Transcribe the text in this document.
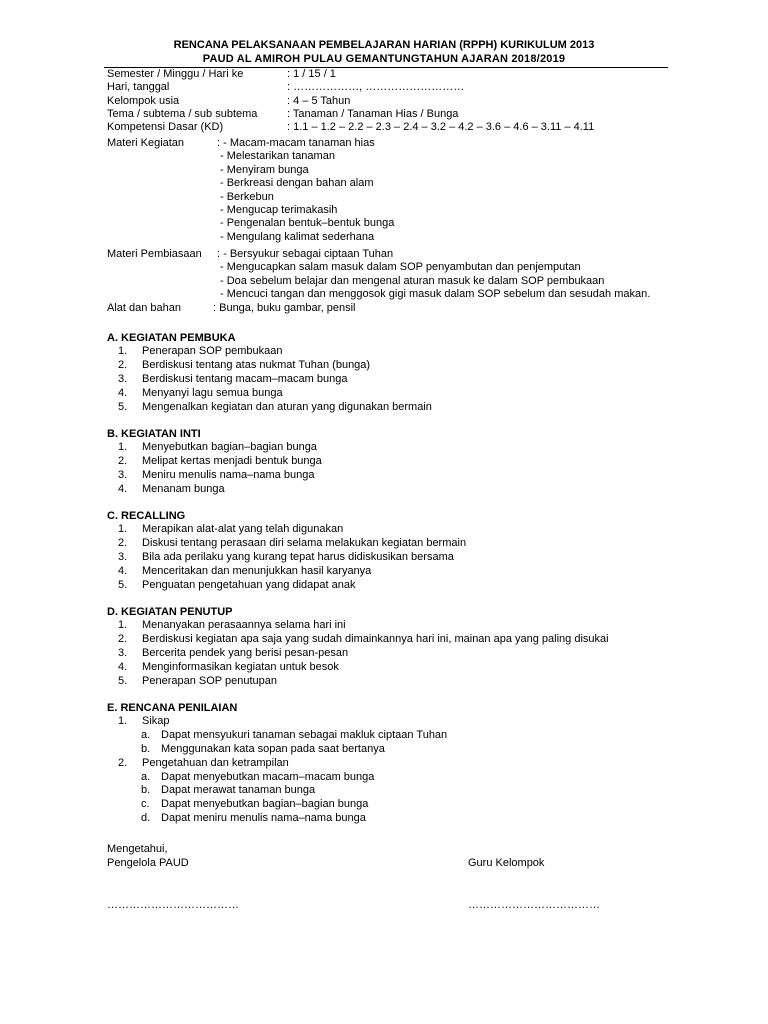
RENCANA PELAKSANAAN PEMBELAJARAN HARIAN (RPPH) KURIKULUM 2013
PAUD AL AMIROH PULAU GEMANTUNGTAHUN AJARAN 2018/2019
Semester / Minggu / Hari ke	: 1 / 15 / 1
Hari, tanggal	: ………………, ………………………
Kelompok usia	: 4 – 5 Tahun
Tema / subtema / sub subtema	: Tanaman / Tanaman Hias / Bunga
Kompetensi Dasar (KD)	: 1.1 – 1.2 – 2.2 – 2.3 – 2.4 – 3.2 – 4.2 – 3.6 – 4.6 – 3.11 – 4.11
Materi Kegiatan	: - Macam-macam tanaman hias
- Melestarikan tanaman
- Menyiram bunga
- Berkreasi dengan bahan alam
- Berkebun
- Mengucap terimakasih
- Pengenalan bentuk–bentuk bunga
- Mengulang kalimat sederhana
Materi Pembiasaan : - Bersyukur sebagai ciptaan Tuhan
- Mengucapkan salam masuk dalam SOP penyambutan dan penjemputan
- Doa sebelum belajar dan mengenal aturan masuk ke dalam SOP pembukaan
- Mencuci tangan dan menggosok gigi masuk dalam SOP sebelum dan sesudah makan.
Alat dan bahan	: Bunga, buku gambar, pensil
A. KEGIATAN PEMBUKA
1. Penerapan SOP pembukaan
2. Berdiskusi tentang atas nukmat Tuhan (bunga)
3. Berdiskusi tentang macam–macam bunga
4. Menyanyi lagu semua bunga
5. Mengenalkan kegiatan dan aturan yang digunakan bermain
B. KEGIATAN INTI
1. Menyebutkan bagian–bagian bunga
2. Melipat kertas menjadi bentuk bunga
3. Meniru menulis nama–nama bunga
4. Menanam bunga
C. RECALLING
1. Merapikan alat-alat yang telah digunakan
2. Diskusi tentang perasaan diri selama melakukan kegiatan bermain
3. Bila ada perilaku yang kurang tepat harus didiskusikan bersama
4. Menceritakan dan menunjukkan hasil karyanya
5. Penguatan pengetahuan yang didapat anak
D. KEGIATAN PENUTUP
1. Menanyakan perasaannya selama hari ini
2. Berdiskusi kegiatan apa saja yang sudah dimainkannya hari ini, mainan apa yang paling disukai
3. Bercerita pendek yang berisi pesan-pesan
4. Menginformasikan kegiatan untuk besok
5. Penerapan SOP penutupan
E. RENCANA PENILAIAN
1. Sikap
a. Dapat mensyukuri tanaman sebagai makluk ciptaan Tuhan
b. Menggunakan kata sopan pada saat bertanya
2. Pengetahuan dan ketrampilan
a. Dapat menyebutkan macam–macam bunga
b. Dapat merawat tanaman bunga
c. Dapat menyebutkan bagian–bagian bunga
d. Dapat meniru menulis nama–nama bunga
Mengetahui,
Pengelola PAUD	Guru Kelompok
………………………………	………………………………
